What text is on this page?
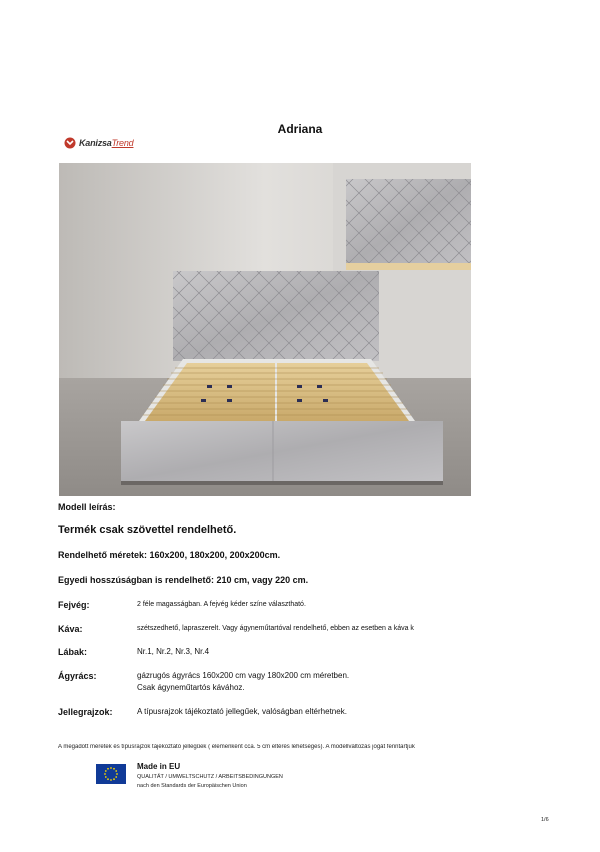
Adriana
KanizsaTrend
Modell leírás:
Termék csak szövettel rendelhető.
Rendelhető méretek: 160x200, 180x200, 200x200cm.
Egyedi hosszúságban is rendelhető: 210 cm, vagy 220 cm.
Fejvég:	2 féle magasságban. A fejvég kéder színe választható.
Káva:	szétszedhető, lapraszerelt. Vagy ágyneműtartóval rendelhető, ebben az esetben a káva k
Lábak:	Nr.1, Nr.2, Nr.3, Nr.4
Ágyrács:	gázrugós ágyrács 160x200 cm vagy 180x200 cm méretben.
Csak ágyneműtartós kávához.
Jellegrajzok:	A típusrajzok tájékoztató jellegűek, valóságban eltérhetnek.
A megadott méretek és típusrajzok tájékoztató jellegűek ( elemenként cca. 5 cm eltérés lehetséges). A modellváltozás jogát fenntartjuk
Made in EU
QUALITÄT / UMWELTSCHUTZ / ARBEITSBEDINGUNGEN
nach den Standards der Europäischen Union
1/6
